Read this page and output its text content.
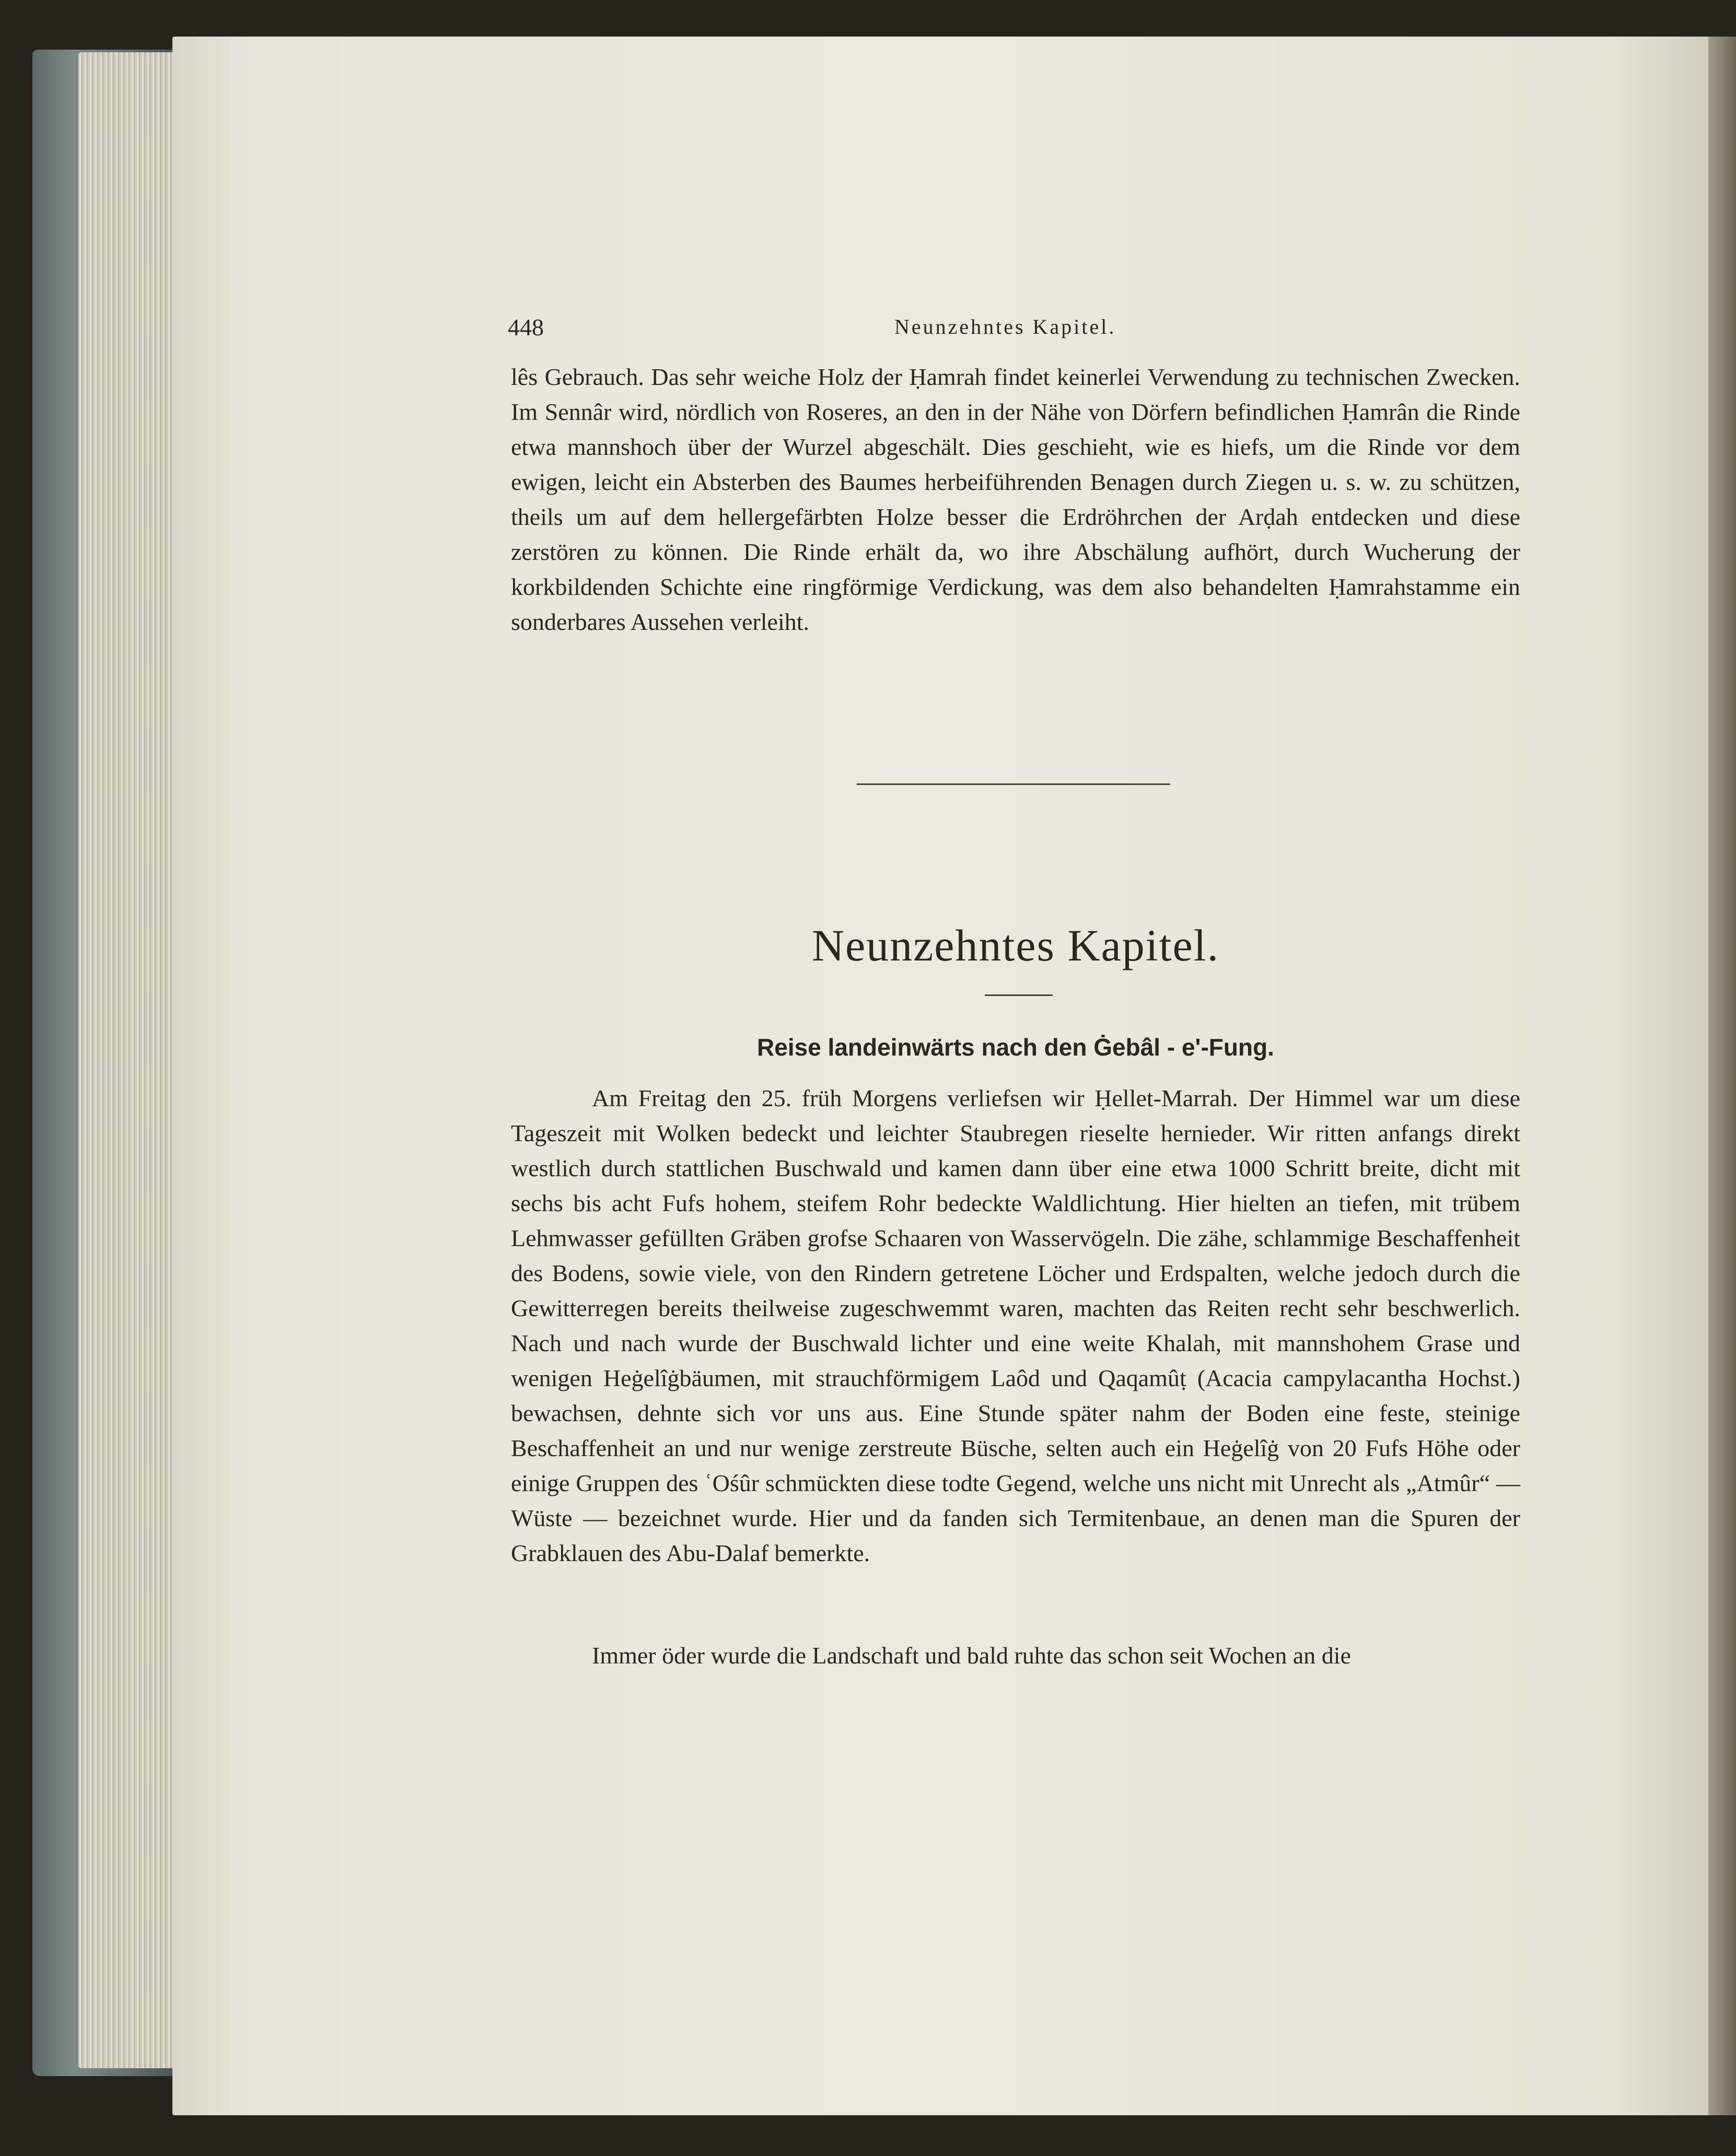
448	Neunzehntes Kapitel.

lês Gebrauch. Das sehr weiche Holz der Ḥamrah findet keinerlei Verwendung zu technischen Zwecken. Im Sennâr wird, nördlich von Roseres, an den in der Nähe von Dörfern befindlichen Ḥamrân die Rinde etwa mannshoch über der Wurzel abgeschält. Dies geschieht, wie es hiefs, um die Rinde vor dem ewigen, leicht ein Absterben des Baumes herbeiführenden Benagen durch Ziegen u. s. w. zu schützen, theils um auf dem hellergefärbten Holze besser die Erdröhrchen der Arḍah entdecken und diese zerstören zu können. Die Rinde erhält da, wo ihre Abschälung aufhört, durch Wucherung der korkbildenden Schichte eine ringförmige Verdickung, was dem also behandelten Ḥamrahstamme ein sonderbares Aussehen verleiht.

Neunzehntes Kapitel.
Reise landeinwärts nach den Ġebâl - e'-Fung.

Am Freitag den 25. früh Morgens verliefsen wir Ḥellet-Marrah. Der Himmel war um diese Tageszeit mit Wolken bedeckt und leichter Staubregen rieselte hernieder. Wir ritten anfangs direkt westlich durch stattlichen Buschwald und kamen dann über eine etwa 1000 Schritt breite, dicht mit sechs bis acht Fufs hohem, steifem Rohr bedeckte Waldlichtung. Hier hielten an tiefen, mit trübem Lehmwasser gefüllten Gräben grofse Schaaren von Wasservögeln. Die zähe, schlammige Beschaffenheit des Bodens, sowie viele, von den Rindern getretene Löcher und Erdspalten, welche jedoch durch die Gewitterregen bereits theilweise zugeschwemmt waren, machten das Reiten recht sehr beschwerlich. Nach und nach wurde der Buschwald lichter und eine weite Khalah, mit mannshohem Grase und wenigen Heġelîġbäumen, mit strauchförmigem Laôd und Qaqamûṭ (Acacia campylacantha Hochst.) bewachsen, dehnte sich vor uns aus. Eine Stunde später nahm der Boden eine feste, steinige Beschaffenheit an und nur wenige zerstreute Büsche, selten auch ein Heġelîġ von 20 Fufs Höhe oder einige Gruppen des ʿOśûr schmückten diese todte Gegend, welche uns nicht mit Unrecht als „Atmûr“ — Wüste — bezeichnet wurde. Hier und da fanden sich Termitenbaue, an denen man die Spuren der Grabklauen des Abu-Dalaf bemerkte.

Immer öder wurde die Landschaft und bald ruhte das schon seit Wochen an die
